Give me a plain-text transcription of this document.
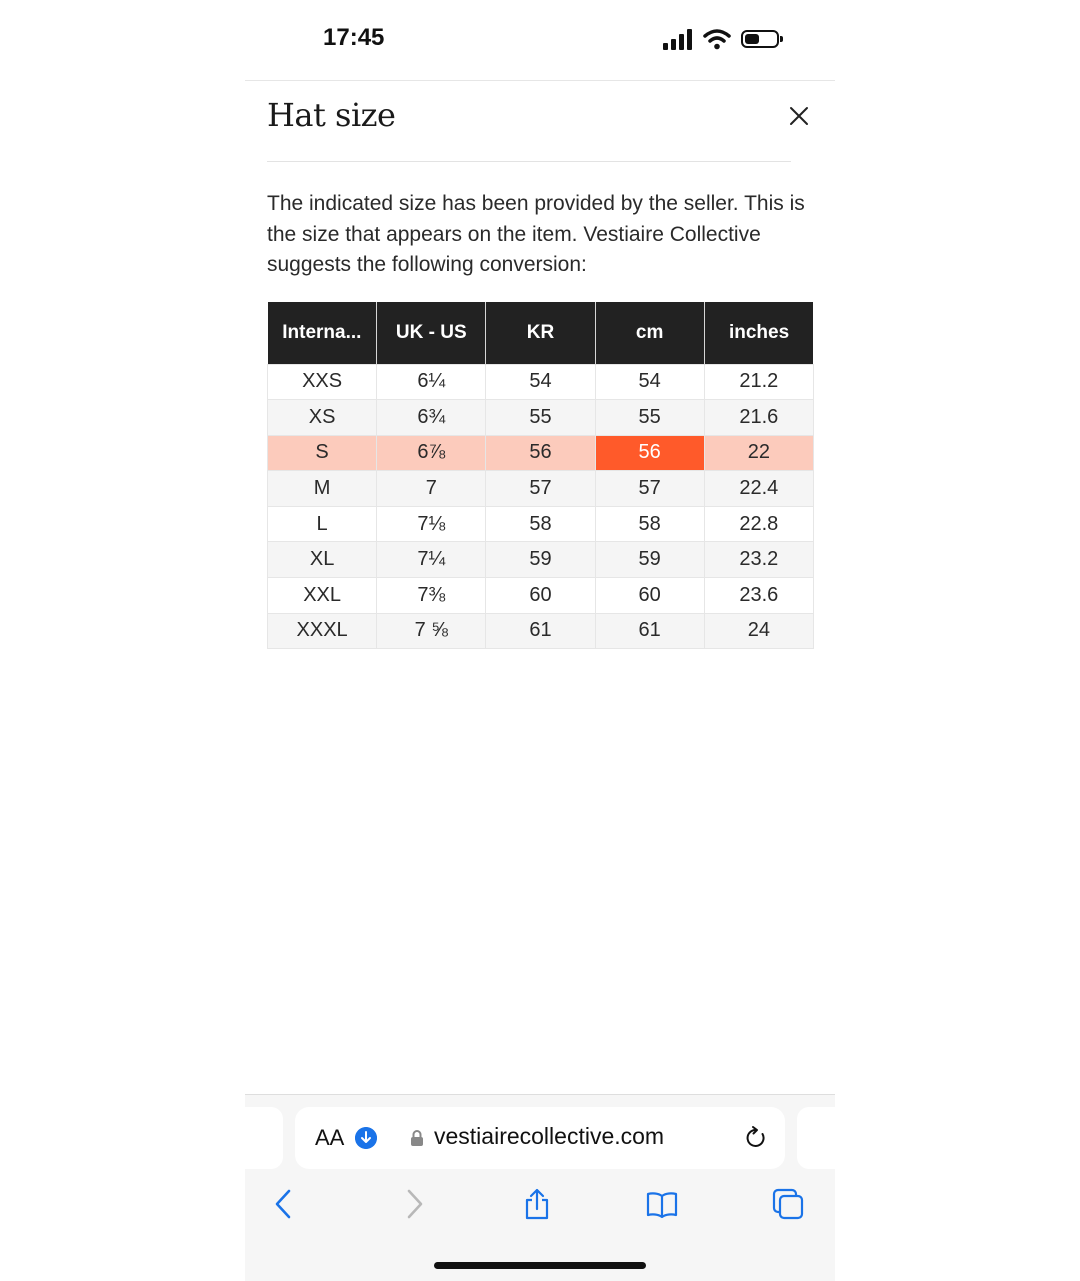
17:45
Hat size
The indicated size has been provided by the seller. This is the size that appears on the item. Vestiaire Collective suggests the following conversion:
Interna...	UK - US	KR	cm	inches
XXS	6¼	54	54	21.2
XS	6¾	55	55	21.6
S	6⅞	56	56	22
M	7	57	57	22.4
L	7⅛	58	58	22.8
XL	7¼	59	59	23.2
XXL	7⅜	60	60	23.6
XXXL	7 ⅝	61	61	24
AA	vestiairecollective.com
